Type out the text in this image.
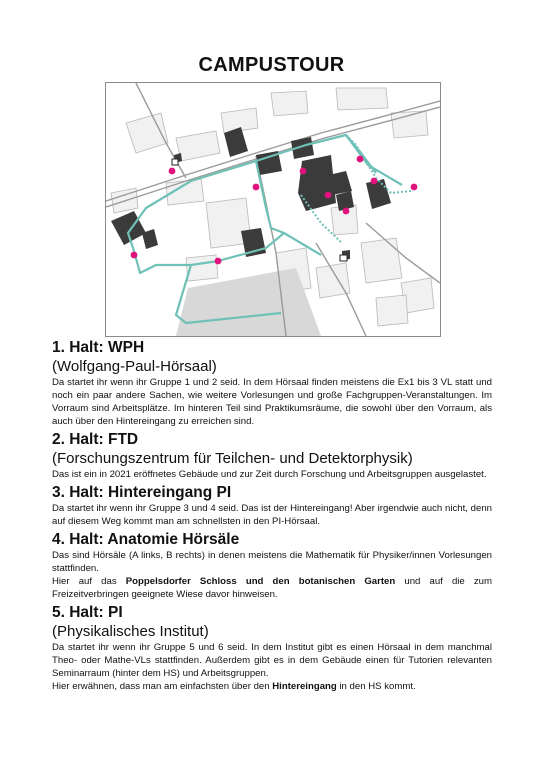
CAMPUSTOUR

1. Halt: WPH

(Wolfgang-Paul-Hörsaal)

Da startet ihr wenn ihr Gruppe 1 und 2 seid. In dem Hörsaal finden meistens die Ex1 bis 3 VL statt und noch ein paar andere Sachen, wie weitere Vorlesungen und große Fachgruppen-Veranstaltungen. Im Vorraum sind Arbeitsplätze. Im hinteren Teil sind Praktikumsräume, die sowohl über den Vorraum, als auch über den Hintereingang zu erreichen sind.

2. Halt: FTD

(Forschungszentrum für Teilchen- und Detektorphysik)

Das ist ein in 2021 eröffnetes Gebäude und zur Zeit durch Forschung und Arbeitsgruppen ausgelastet.

3. Halt: Hintereingang PI

Da startet ihr wenn ihr Gruppe 3 und 4 seid. Das ist der Hintereingang! Aber irgendwie auch nicht, denn auf diesem Weg kommt man am schnellsten in den PI-Hörsaal.

4. Halt: Anatomie Hörsäle

Das sind Hörsäle (A links, B rechts) in denen meistens die Mathematik für Physiker/innen Vorlesungen stattfinden.

Hier auf das Poppelsdorfer Schloss und den botanischen Garten und auf die zum Freizeitverbringen geeignete Wiese davor hinweisen.

5. Halt: PI

(Physikalisches Institut)

Da startet ihr wenn ihr Gruppe 5 und 6 seid. In dem Institut gibt es einen Hörsaal in dem manchmal Theo- oder Mathe-VLs stattfinden. Außerdem gibt es in dem Gebäude einen für Tutorien relevanten Seminarraum (hinter dem HS) und Arbeitsgruppen.

Hier erwähnen, dass man am einfachsten über den Hintereingang in den HS kommt.
